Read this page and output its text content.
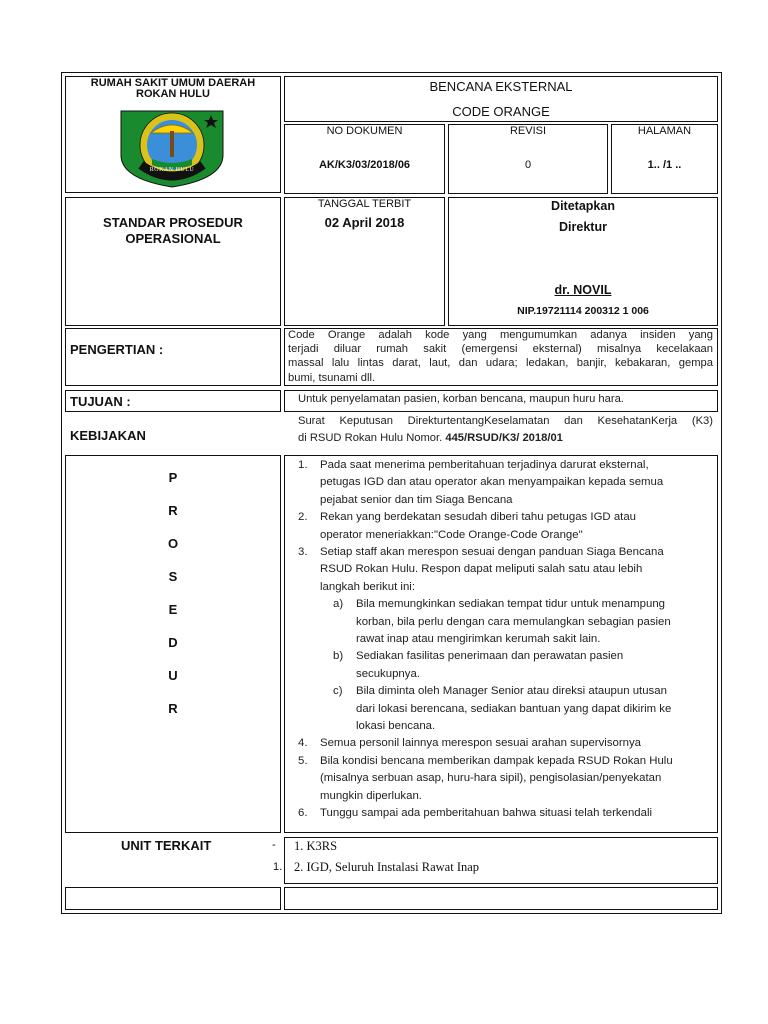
RUMAH SAKIT UMUM DAERAH
ROKAN HULU
ROKAN HULU
BENCANA EKSTERNAL
CODE ORANGE
NO DOKUMEN
AK/K3/03/2018/06
REVISI
0
HALAMAN
1.. /1 ..
STANDAR PROSEDUR
OPERASIONAL
TANGGAL TERBIT
02 April 2018
Ditetapkan
Direktur
dr. NOVIL
NIP.19721114 200312 1 006
PENGERTIAN :
Code Orange adalah kode yang mengumumkan adanya insiden yang
terjadi diluar rumah sakit (emergensi eksternal) misalnya kecelakaan
massal lalu lintas darat, laut, dan udara; ledakan, banjir, kebakaran, gempa
bumi, tsunami dll.
TUJUAN :	Untuk penyelamatan pasien, korban bencana, maupun huru hara.
KEBIJAKAN
Surat Keputusan DirekturtentangKeselamatan dan KesehatanKerja (K3)
di RSUD Rokan Hulu Nomor. 445/RSUD/K3/ 2018/01
P
R
O
S
E
D
U
R
1. Pada saat menerima pemberitahuan terjadinya darurat eksternal,
petugas IGD dan atau operator akan menyampaikan kepada semua
pejabat senior dan tim Siaga Bencana
2. Rekan yang berdekatan sesudah diberi tahu petugas IGD atau
operator meneriakkan:"Code Orange-Code Orange"
3. Setiap staff akan merespon sesuai dengan panduan Siaga Bencana
RSUD Rokan Hulu. Respon dapat meliputi salah satu atau lebih
langkah berikut ini:
a) Bila memungkinkan sediakan tempat tidur untuk menampung
korban, bila perlu dengan cara memulangkan sebagian pasien
rawat inap atau mengirimkan kerumah sakit lain.
b) Sediakan fasilitas penerimaan dan perawatan pasien
secukupnya.
c) Bila diminta oleh Manager Senior atau direksi ataupun utusan
dari lokasi berencana, sediakan bantuan yang dapat dikirim ke
lokasi bencana.
4. Semua personil lainnya merespon sesuai arahan supervisornya
5. Bila kondisi bencana memberikan dampak kepada RSUD Rokan Hulu
(misalnya serbuan asap, huru-hara sipil), pengisolasian/penyekatan
mungkin diperlukan.
6. Tunggu sampai ada pemberitahuan bahwa situasi telah terkendali
UNIT TERKAIT	-
1.
1. K3RS
2. IGD, Seluruh Instalasi Rawat Inap
